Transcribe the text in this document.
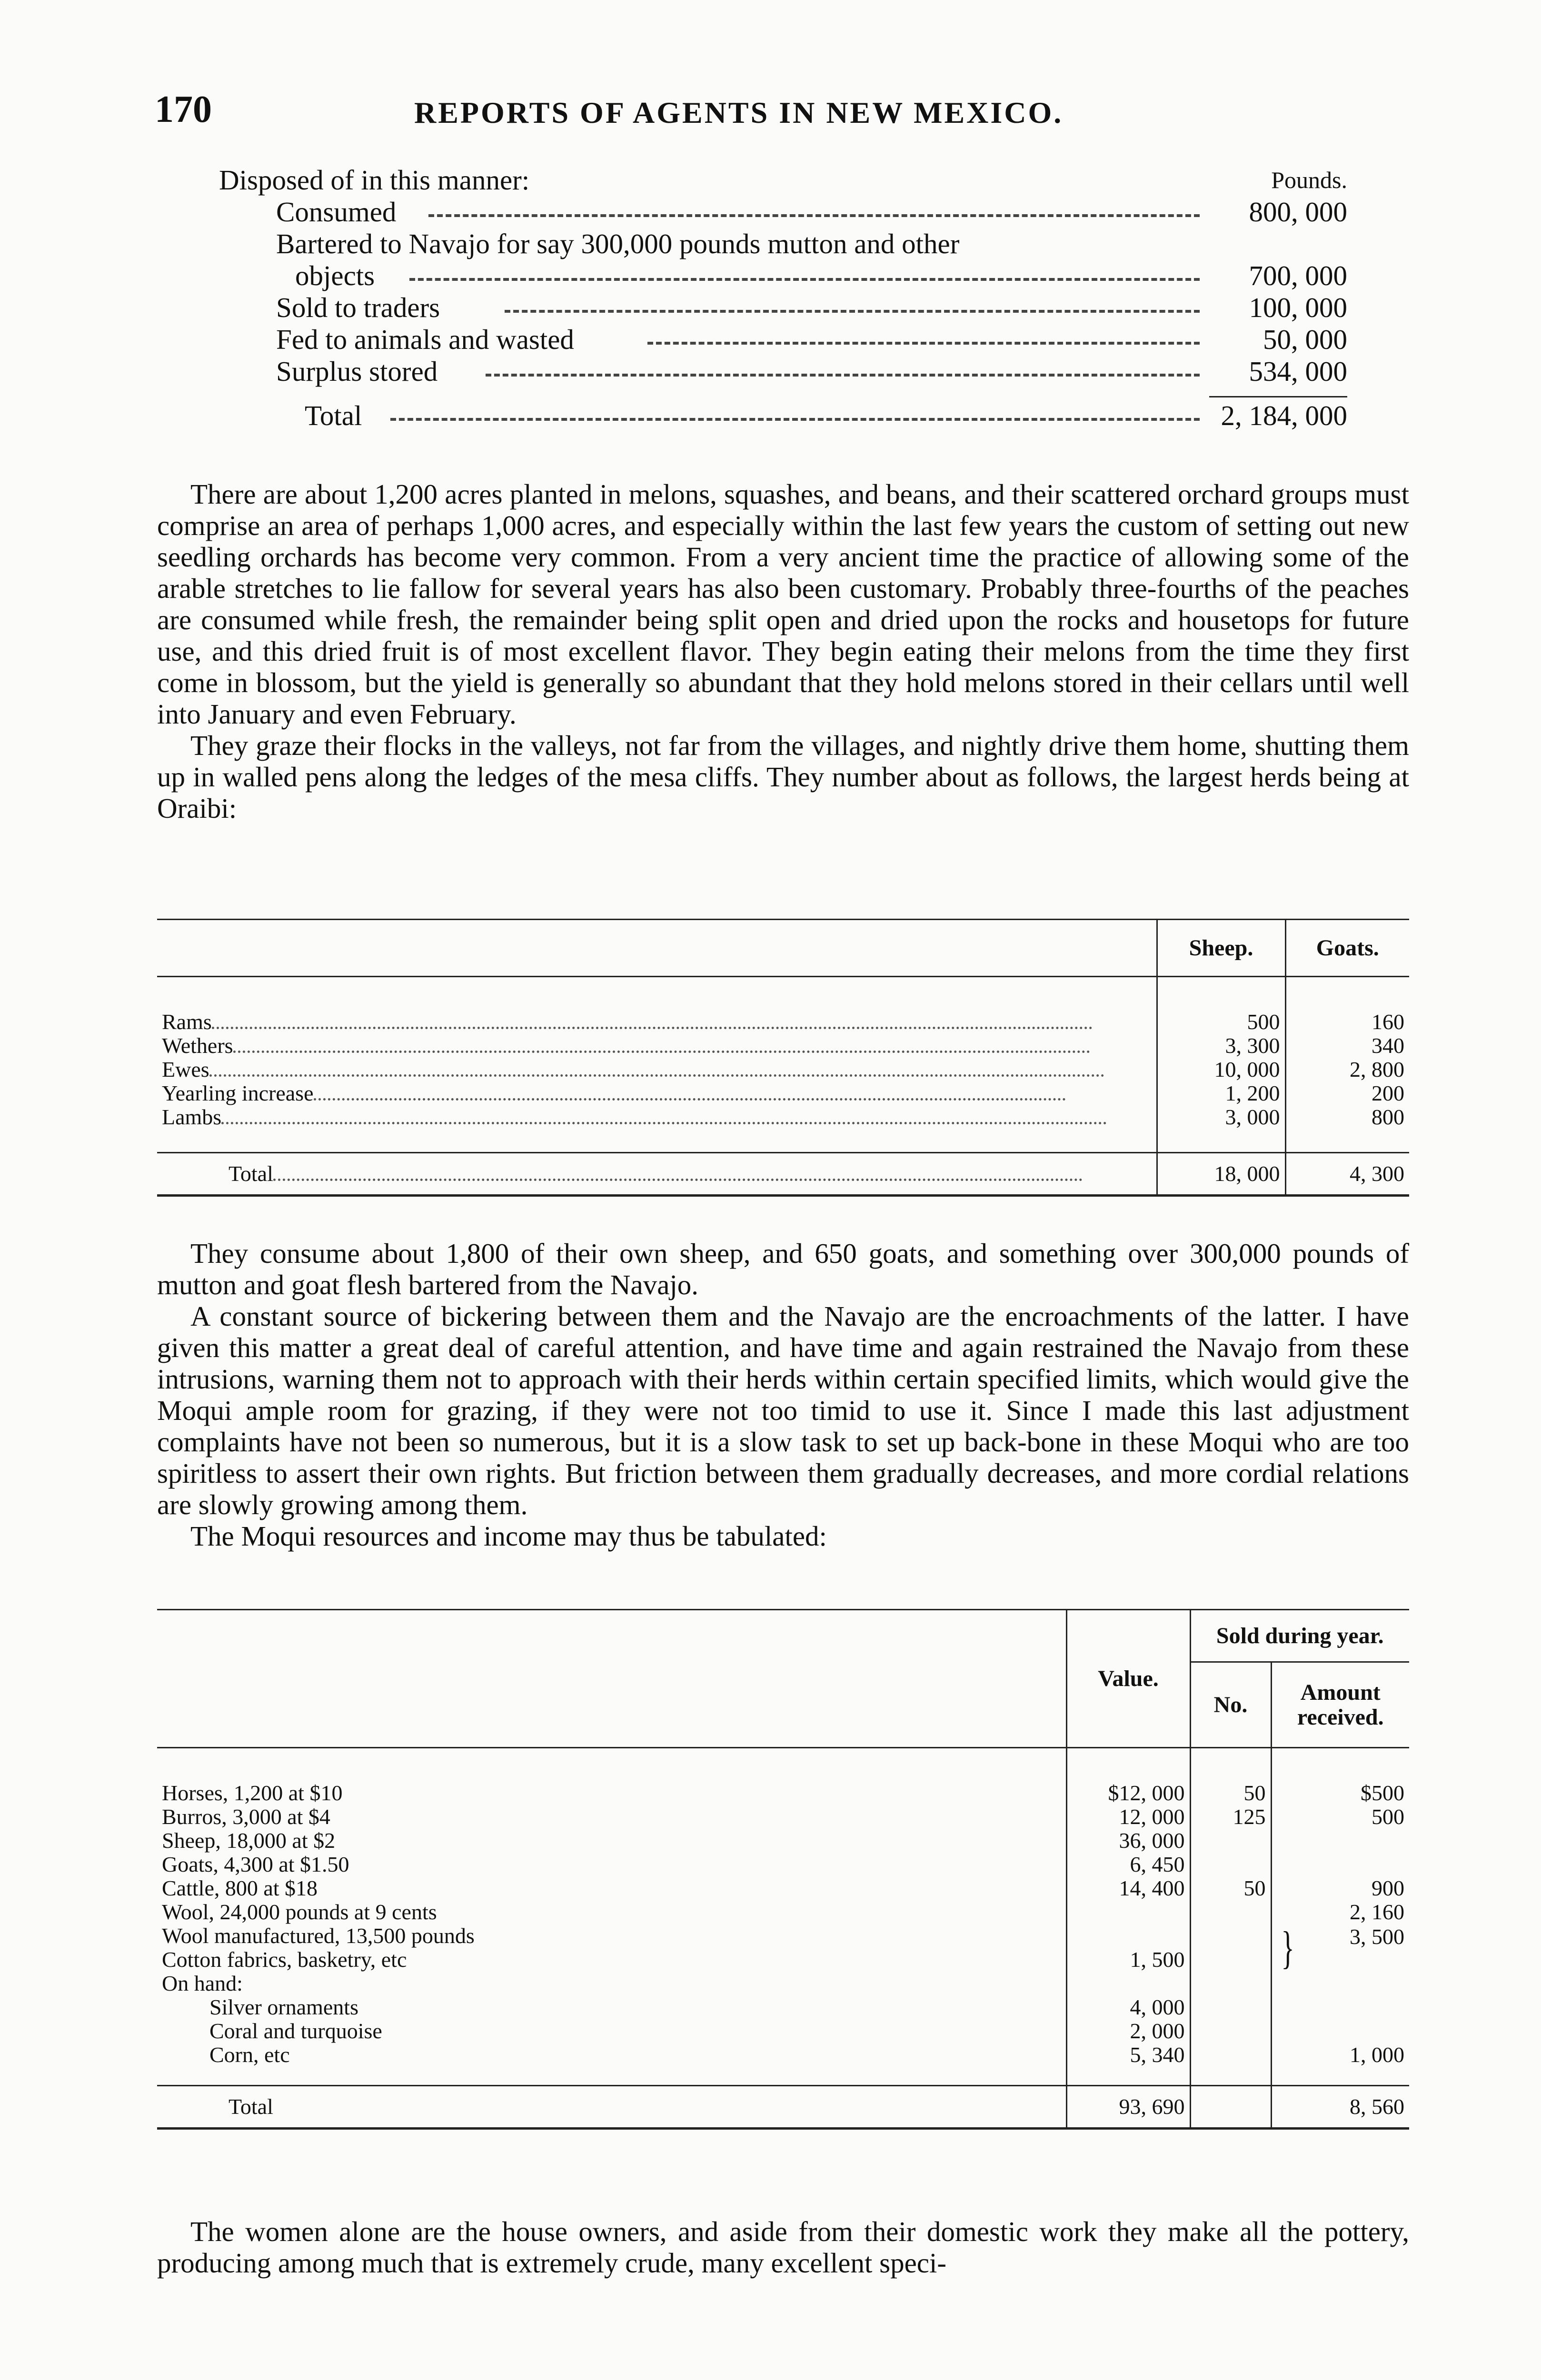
170	REPORTS OF AGENTS IN NEW MEXICO.
Disposed of in this manner:	Pounds.
Consumed	800, 000
Bartered to Navajo for say 300,000 pounds mutton and other
objects	700, 000
Sold to traders	100, 000
Fed to animals and wasted	50, 000
Surplus stored	534, 000
Total	2, 184, 000

There are about 1,200 acres planted in melons, squashes, and beans, and their scattered orchard groups must comprise an area of perhaps 1,000 acres, and especially within the last few years the custom of setting out new seedling orchards has become very common. From a very ancient time the practice of allowing some of the arable stretches to lie fallow for several years has also been customary. Probably three-fourths of the peaches are consumed while fresh, the remainder being split open and dried upon the rocks and housetops for future use, and this dried fruit is of most excellent flavor. They begin eating their melons from the time they first come in blossom, but the yield is generally so abundant that they hold melons stored in their cellars until well into January and even February.

They graze their flocks in the valleys, not far from the villages, and nightly drive them home, shutting them up in walled pens along the ledges of the mesa cliffs. They number about as follows, the largest herds being at Oraibi:

	Sheep.	Goats.

Rams	500	160
Wethers	3, 300	340
Ewes	10, 000	2, 800
Yearling increase	1, 200	200
Lambs	3, 000	800

Total	18, 000	4, 300

They consume about 1,800 of their own sheep, and 650 goats, and something over 300,000 pounds of mutton and goat flesh bartered from the Navajo.

A constant source of bickering between them and the Navajo are the encroachments of the latter. I have given this matter a great deal of careful attention, and have time and again restrained the Navajo from these intrusions, warning them not to approach with their herds within certain specified limits, which would give the Moqui ample room for grazing, if they were not too timid to use it. Since I made this last adjustment complaints have not been so numerous, but it is a slow task to set up back-bone in these Moqui who are too spiritless to assert their own rights. But friction between them gradually decreases, and more cordial relations are slowly growing among them.

The Moqui resources and income may thus be tabulated:

	Value.	Sold during year.	
		No.	Amount received.

Horses, 1,200 at $10	$12, 000	50	$500
Burros, 3,000 at $4	12, 000	125	500
Sheep, 18,000 at $2	36, 000		
Goats, 4,300 at $1.50	6, 450		
Cattle, 800 at $18	14, 400	50	900
Wool, 24,000 pounds at 9 cents			2, 160
Wool manufactured, 13,500 pounds			} 3, 500
Cotton fabrics, basketry, etc	1, 500		
On hand:			
Silver ornaments	4, 000		
Coral and turquoise	2, 000		
Corn, etc	5, 340		1, 000

Total	93, 690		8, 560

The women alone are the house owners, and aside from their domestic work they make all the pottery, producing among much that is extremely crude, many excellent speci-
